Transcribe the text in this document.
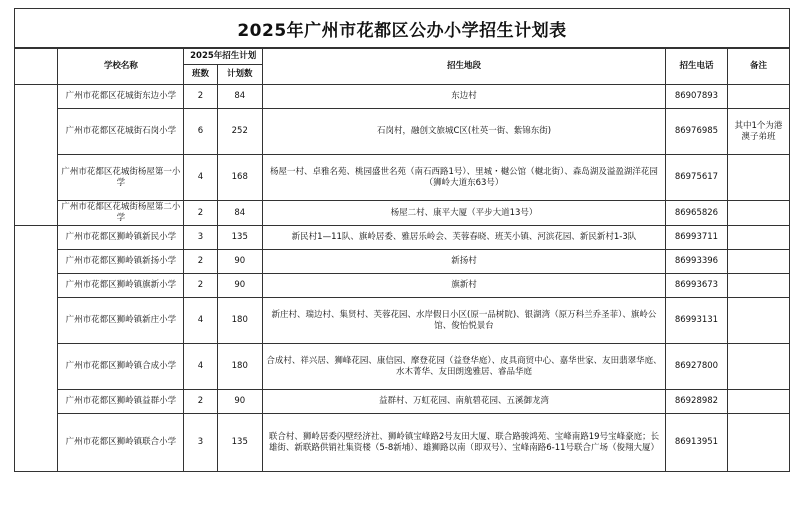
2025年广州市花都区公办小学招生计划表
	学校名称	2025年招生计划		招生地段	招生电话	备注
		班数	计划数			
	广州市花都区花城街东边小学	2	84	东边村	86907893	
	广州市花都区花城街石岗小学	6	252	石岗村，融创文旅城C区(杜英一街、紫锦东街)	86976985	其中1个为港澳子弟班
	广州市花都区花城街杨屋第一小学	4	168	杨屋一村、卓雅名苑、桃园盛世名苑（南石西路1号）、里城・樾公馆（樾北街）、森岛湖及溢盈湖洋花园（狮岭大道东63号）	86975617	
	广州市花都区花城街杨屋第二小学	2	84	杨屋二村、康平大厦（平步大道13号）	86965826	
	广州市花都区狮岭镇新民小学	3	135	新民村1—11队、旗岭居委、雅居乐岭会、芙蓉春晓、班芙小镇、河滨花园、新民新村1-3队	86993711	
	广州市花都区狮岭镇新扬小学	2	90	新扬村	86993396	
	广州市花都区狮岭镇旗新小学	2	90	旗新村	86993673	
	广州市花都区狮岭镇新庄小学	4	180	新庄村、瑞边村、集贤村、芙蓉花园、水岸假日小区(原一品树院)、银湖湾（原万科兰乔圣菲）、旗岭公馆、俊怡悦景台	86993131	
	广州市花都区狮岭镇合成小学	4	180	合成村、祥兴居、狮峰花园、康信园、摩登花园（益登华庭）、皮具商贸中心、嘉华世家、友田翡翠华庭、水木菁华、友田朗逸雅居、睿品华庭	86927800	
	广州市花都区狮岭镇益群小学	2	90	益群村、万虹花园、南航碧花园、五溪御龙湾	86928982	
	广州市花都区狮岭镇联合小学	3	135	联合村、狮岭居委闪壁经济社、狮岭镇宝峰路2号友田大厦、联合路骏鸿苑、宝峰南路19号宝峰豪庭；长雄街、新联路供销社集资楼（5-8新埔）、雄狮路以南（即双号）、宝峰南路6-11号联合广场（俊翔大厦）	86913951	
